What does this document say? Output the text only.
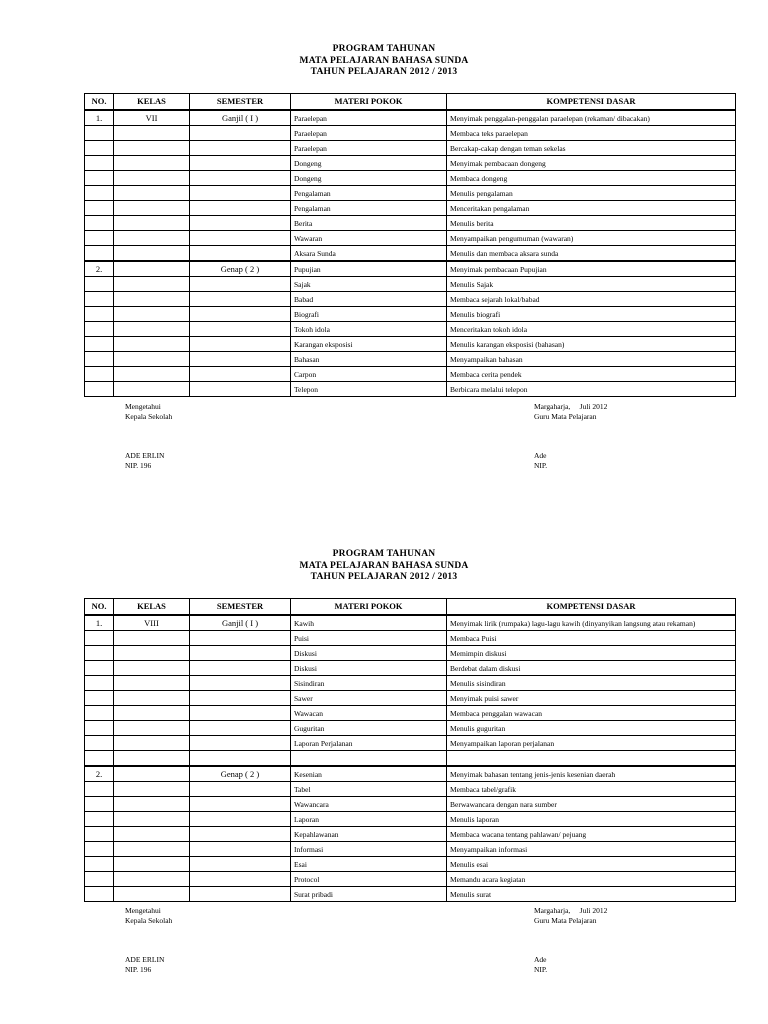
PROGRAM TAHUNAN
MATA PELAJARAN BAHASA SUNDA
TAHUN PELAJARAN 2012 / 2013
NO.	KELAS	SEMESTER	MATERI POKOK	KOMPETENSI DASAR
1.	VII	Ganjil ( I )	Paraelepan	Menyimak penggalan-penggalan paraelepan (rekaman/ dibacakan)
			Paraelepan	Membaca teks paraelepan
			Paraelepan	Bercakap-cakap dengan teman sekelas
			Dongeng	Menyimak pembacaan dongeng
			Dongeng	Membaca dongeng
			Pengalaman	Menulis pengalaman
			Pengalaman	Menceritakan pengalaman
			Berita	Menulis berita
			Wawaran	Menyampaikan pengumuman (wawaran)
			Aksara Sunda	Menulis dan membaca aksara sunda
2.		Genap ( 2 )	Pupujian	Menyimak pembacaan Pupujian
			Sajak	Menulis Sajak
			Babad	Membaca sejarah lokal/babad
			Biografi	Menulis biografi
			Tokoh idola	Menceritakan tokoh idola
			Karangan eksposisi	Menulis karangan eksposisi (bahasan)
			Bahasan	Menyampaikan bahasan
			Carpon	Membaca cerita pendek
			Telepon	Berbicara melalui telepon
Mengetahui
Kepala Sekolah
ADE ERLIN
NIP. 196
Margaharja,     Juli 2012
Guru Mata Pelajaran
Ade
NIP.
PROGRAM TAHUNAN
MATA PELAJARAN BAHASA SUNDA
TAHUN PELAJARAN 2012 / 2013
NO.	KELAS	SEMESTER	MATERI POKOK	KOMPETENSI DASAR
1.	VIII	Ganjil ( I )	Kawih	Menyimak lirik (rumpaka) lagu-lagu kawih (dinyanyikan langsung atau rekaman)
			Puisi	Membaca Puisi
			Diskusi	Memimpin diskusi
			Diskusi	Berdebat dalam diskusi
			Sisindiran	Menulis sisindiran
			Sawer	Menyimak puisi sawer
			Wawacan	Membaca penggalan wawacan
			Guguritan	Menulis guguritan
			Laporan Perjalanan	Menyampaikan laporan perjalanan

2.		Genap ( 2 )	Kesenian	Menyimak bahasan tentang jenis-jenis kesenian daerah
			Tabel	Membaca tabel/grafik
			Wawancara	Berwawancara dengan nara sumber
			Laporan	Menulis laporan
			Kepahlawanan	Membaca wacana tentang pahlawan/ pejuang
			Informasi	Menyampaikan informasi
			Esai	Menulis esai
			Protocol	Memandu acara kegiatan
			Surat pribadi	Menulis surat
Mengetahui
Kepala Sekolah
ADE ERLIN
NIP. 196
Margaharja,     Juli 2012
Guru Mata Pelajaran
Ade
NIP.
